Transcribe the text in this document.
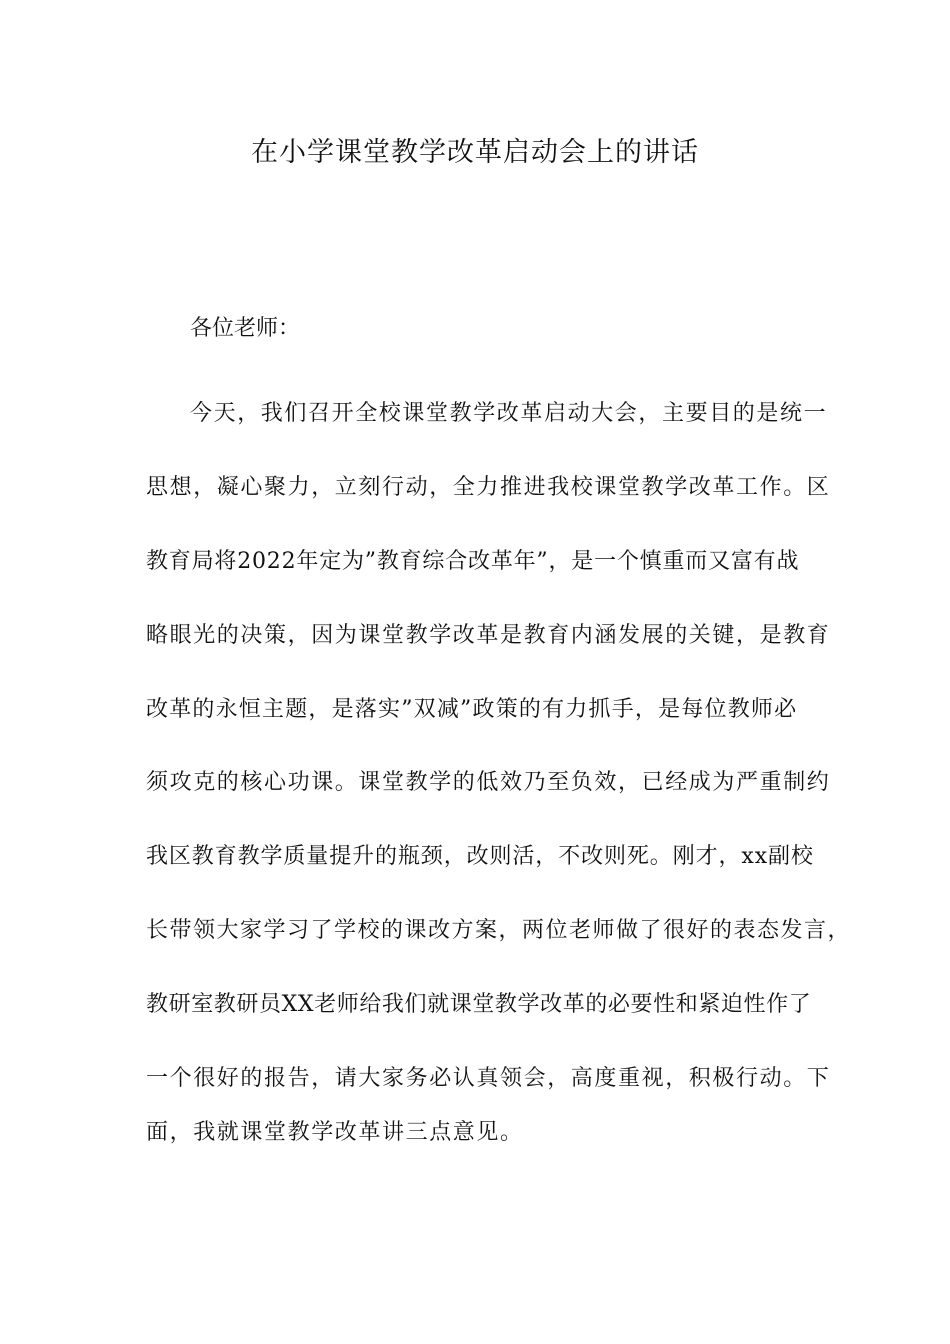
在小学课堂教学改革启动会上的讲话
各位老师：
今天，我们召开全校课堂教学改革启动大会，主要目的是统一
思想，凝心聚力，立刻行动，全力推进我校课堂教学改革工作。区
教育局将2022年定为”教育综合改革年”，是一个慎重而又富有战
略眼光的决策，因为课堂教学改革是教育内涵发展的关键，是教育
改革的永恒主题，是落实”双减”政策的有力抓手，是每位教师必
须攻克的核心功课。课堂教学的低效乃至负效，已经成为严重制约
我区教育教学质量提升的瓶颈，改则活，不改则死。刚才，xx副校
长带领大家学习了学校的课改方案，两位老师做了很好的表态发言，
教研室教研员XX老师给我们就课堂教学改革的必要性和紧迫性作了
一个很好的报告，请大家务必认真领会，高度重视，积极行动。下
面，我就课堂教学改革讲三点意见。
